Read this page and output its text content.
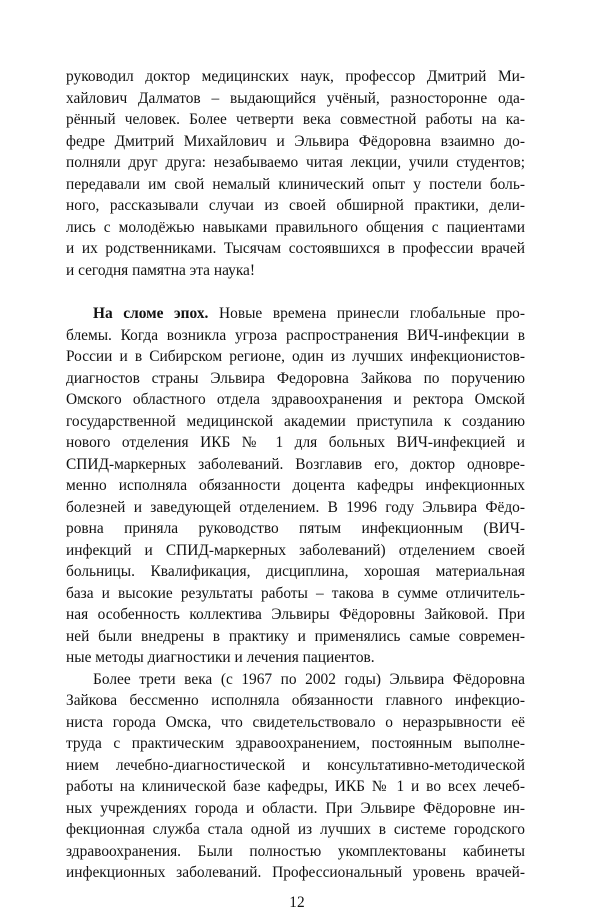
руководил доктор медицинских наук, профессор Дмитрий Ми-
хайлович Далматов – выдающийся учёный, разносторонне ода-
рённый человек. Более четверти века совместной работы на ка-
федре Дмитрий Михайлович и Эльвира Фёдоровна взаимно до-
полняли друг друга: незабываемо читая лекции, учили студентов;
передавали им свой немалый клинический опыт у постели боль-
ного, рассказывали случаи из своей обширной практики, дели-
лись с молодёжью навыками правильного общения с пациентами
и их родственниками. Тысячам состоявшихся в профессии врачей
и сегодня памятна эта наука!
На сломе эпох. Новые времена принесли глобальные про-
блемы. Когда возникла угроза распространения ВИЧ-инфекции в
России и в Сибирском регионе, один из лучших инфекционистов-
диагностов страны Эльвира Федоровна Зайкова по поручению
Омского областного отдела здравоохранения и ректора Омской
государственной медицинской академии приступила к созданию
нового отделения ИКБ № 1 для больных ВИЧ-инфекцией и
СПИД-маркерных заболеваний. Возглавив его, доктор одновре-
менно исполняла обязанности доцента кафедры инфекционных
болезней и заведующей отделением. В 1996 году Эльвира Фёдо-
ровна приняла руководство пятым инфекционным (ВИЧ-
инфекций и СПИД-маркерных заболеваний) отделением своей
больницы. Квалификация, дисциплина, хорошая материальная
база и высокие результаты работы – такова в сумме отличитель-
ная особенность коллектива Эльвиры Фёдоровны Зайковой. При
ней были внедрены в практику и применялись самые современ-
ные методы диагностики и лечения пациентов.
Более трети века (с 1967 по 2002 годы) Эльвира Фёдоровна
Зайкова бессменно исполняла обязанности главного инфекцио-
ниста города Омска, что свидетельствовало о неразрывности её
труда с практическим здравоохранением, постоянным выполне-
нием лечебно-диагностической и консультативно-методической
работы на клинической базе кафедры, ИКБ № 1 и во всех лечеб-
ных учреждениях города и области. При Эльвире Фёдоровне ин-
фекционная служба стала одной из лучших в системе городского
здравоохранения. Были полностью укомплектованы кабинеты
инфекционных заболеваний. Профессиональный уровень врачей-
12
